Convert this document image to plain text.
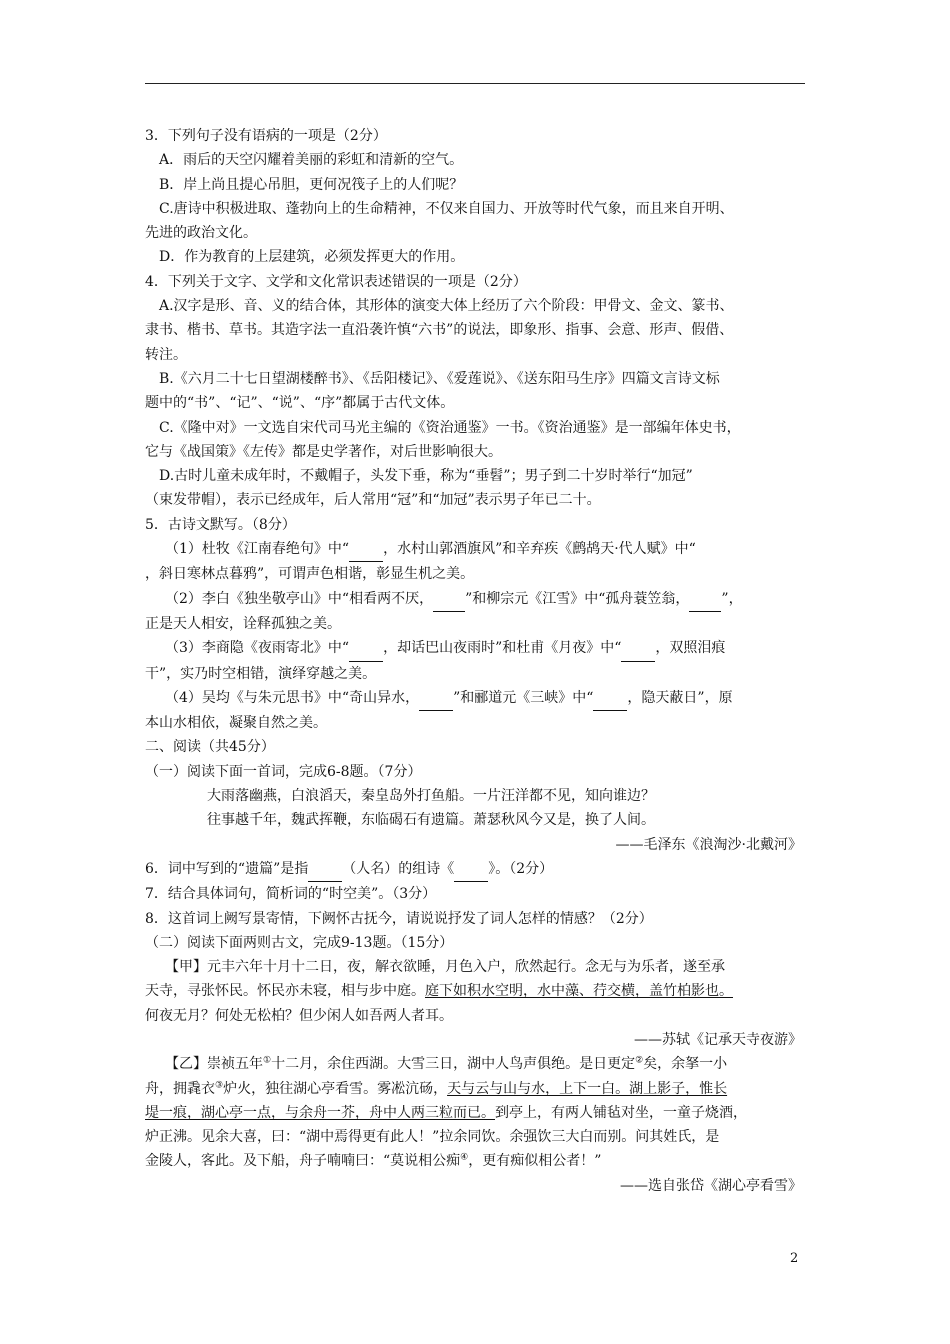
3．下列句子没有语病的一项是（2分）
A．雨后的天空闪耀着美丽的彩虹和清新的空气。
B．岸上尚且提心吊胆，更何况筏子上的人们呢？
C.唐诗中积极进取、蓬勃向上的生命精神，不仅来自国力、开放等时代气象，而且来自开明、
先进的政治文化。
D．作为教育的上层建筑，必须发挥更大的作用。
4．下列关于文字、文学和文化常识表述错误的一项是（2分）
A.汉字是形、音、义的结合体，其形体的演变大体上经历了六个阶段：甲骨文、金文、篆书、
隶书、楷书、草书。其造字法一直沿袭许慎“六书”的说法，即象形、指事、会意、形声、假借、
转注。
B.《六月二十七日望湖楼醉书》、《岳阳楼记》、《爱莲说》、《送东阳马生序》四篇文言诗文标
题中的“书”、“记”、“说”、“序”都属于古代文体。
C.《隆中对》一文选自宋代司马光主编的《资治通鉴》一书。《资治通鉴》是一部编年体史书，
它与《战国策》《左传》都是史学著作，对后世影响很大。
D.古时儿童未成年时，不戴帽子，头发下垂，称为“垂髫”；男子到二十岁时举行“加冠”
（束发带帽），表示已经成年，后人常用“冠”和“加冠”表示男子年已二十。
5．古诗文默写。（8分）
（1）杜牧《江南春绝句》中“ ，水村山郭酒旗风”和辛弃疾《鹧鸪天·代人赋》中“
，斜日寒林点暮鸦”，可谓声色相谐，彰显生机之美。
（2）李白《独坐敬亭山》中“相看两不厌， ”和柳宗元《江雪》中“孤舟蓑笠翁， ”，
正是天人相安，诠释孤独之美。
（3）李商隐《夜雨寄北》中“ ，却话巴山夜雨时”和杜甫《月夜》中“ ，双照泪痕
干”，实乃时空相错，演绎穿越之美。
（4）吴均《与朱元思书》中“奇山异水， ”和郦道元《三峡》中“ ，隐天蔽日”，原
本山水相依，凝聚自然之美。
二、阅读（共45分）
（一）阅读下面一首词，完成6-8题。（7分）
大雨落幽燕，白浪滔天，秦皇岛外打鱼船。一片汪洋都不见，知向谁边？
往事越千年，魏武挥鞭，东临碣石有遗篇。萧瑟秋风今又是，换了人间。
——毛泽东《浪淘沙·北戴河》
6．词中写到的“遗篇”是指 （人名）的组诗《 》。（2分）
7．结合具体词句，简析词的“时空美”。（3分）
8．这首词上阙写景寄情，下阙怀古抚今，请说说抒发了词人怎样的情感？（2分）
（二）阅读下面两则古文，完成9-13题。（15分）
【甲】元丰六年十月十二日，夜，解衣欲睡，月色入户，欣然起行。念无与为乐者，遂至承
天寺，寻张怀民。怀民亦未寝，相与步中庭。庭下如积水空明，水中藻、荇交横，盖竹柏影也。
何夜无月？何处无松柏？但少闲人如吾两人者耳。
——苏轼《记承天寺夜游》
【乙】崇祯五年①十二月，余住西湖。大雪三日，湖中人鸟声俱绝。是日更定②矣，余拏一小
舟，拥毳衣③炉火，独往湖心亭看雪。雾凇沆砀，天与云与山与水，上下一白。湖上影子，惟长
堤一痕，湖心亭一点，与余舟一芥，舟中人两三粒而已。到亭上，有两人铺毡对坐，一童子烧酒，
炉正沸。见余大喜，曰：“湖中焉得更有此人！”拉余同饮。余强饮三大白而别。问其姓氏，是
金陵人，客此。及下船，舟子喃喃曰：“莫说相公痴④，更有痴似相公者！”
——选自张岱《湖心亭看雪》
2
